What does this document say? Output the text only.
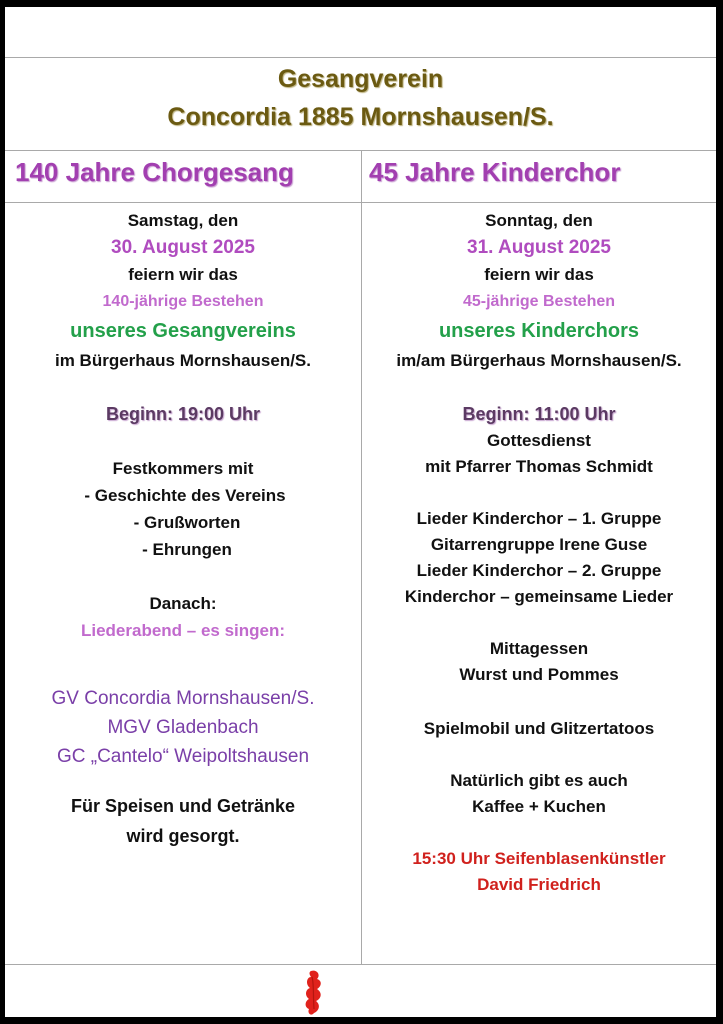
Gesangverein
Concordia 1885 Mornshausen/S.
140 Jahre Chorgesang	45 Jahre Kinderchor
Samstag, den
30. August 2025
feiern wir das
140-jährige Bestehen
unseres Gesangvereins
im Bürgerhaus Mornshausen/S.
Beginn: 19:00 Uhr
Festkommers mit
- Geschichte des Vereins
- Grußworten
- Ehrungen
Danach:
Liederabend – es singen:
GV Concordia Mornshausen/S.
MGV Gladenbach
GC „Cantelo“ Weipoltshausen
Für Speisen und Getränke
wird gesorgt.
Sonntag, den
31. August 2025
feiern wir das
45-jährige Bestehen
unseres Kinderchors
im/am Bürgerhaus Mornshausen/S.
Beginn: 11:00 Uhr
Gottesdienst
mit Pfarrer Thomas Schmidt
Lieder Kinderchor – 1. Gruppe
Gitarrengruppe Irene Guse
Lieder Kinderchor – 2. Gruppe
Kinderchor – gemeinsame Lieder
Mittagessen
Wurst und Pommes
Spielmobil und Glitzertatoos
Natürlich gibt es auch
Kaffee + Kuchen
15:30 Uhr Seifenblasenkünstler
David Friedrich
